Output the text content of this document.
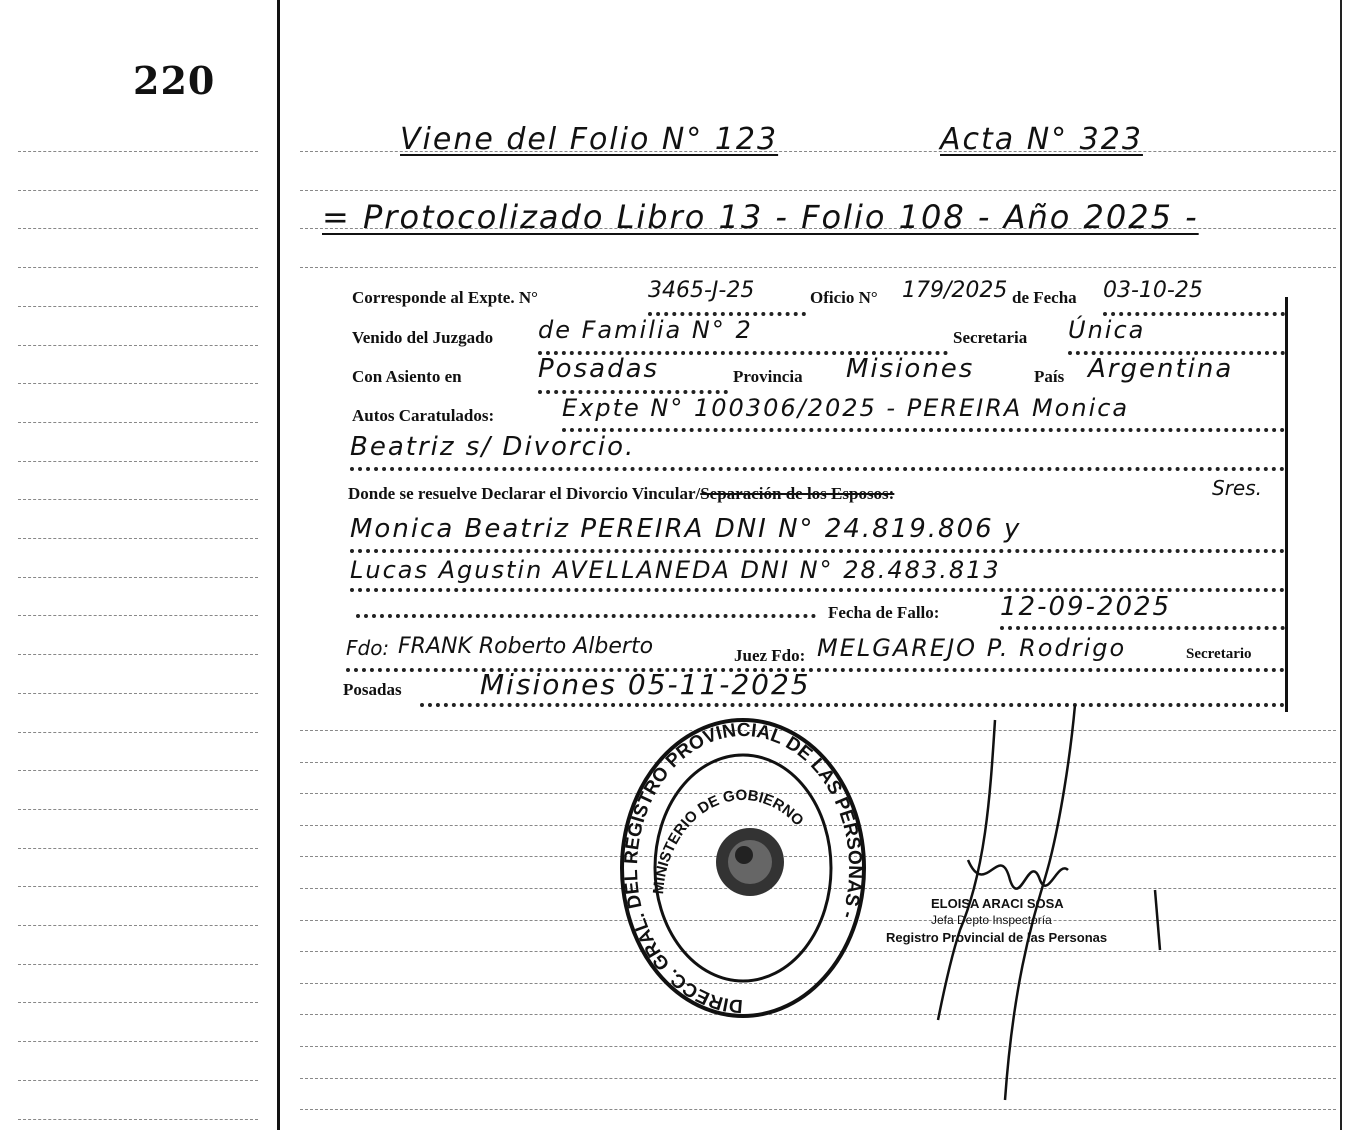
220
Viene del Folio N° 123	Acta N° 323
= Protocolizado Libro 13 - Folio 108 - Año 2025 -
Corresponde al Expte. N°	3465-J-25	Oficio N° 179/2025 de Fecha 03-10-25
Venido del Juzgado de Familia N° 2	Secretaria Única
Con Asiento en	Posadas	Provincia Misiones	País Argentina
Autos Caratulados:	Expte N° 100306/2025 - PEREIRA Monica
Beatriz s/ Divorcio.
Donde se resuelve Declarar el Divorcio Vincular/Separación de los Esposos:	Sres.
Monica Beatriz PEREIRA DNI N° 24.819.806 y
Lucas Agustin AVELLANEDA DNI N° 28.483.813
Fecha de Fallo: 12-09-2025
Fdo: FRANK Roberto Alberto	Juez Fdo: MELGAREJO P. Rodrigo	Secretario
Posadas	Misiones 05-11-2025
DIRECC. GRAL. DEL REGISTRO PROVINCIAL DE LAS PERSONAS -
MINISTERIO DE GOBIERNO
ELOISA ARACI SOSA
Jefa Depto Inspectoría
Registro Provincial de las Personas
